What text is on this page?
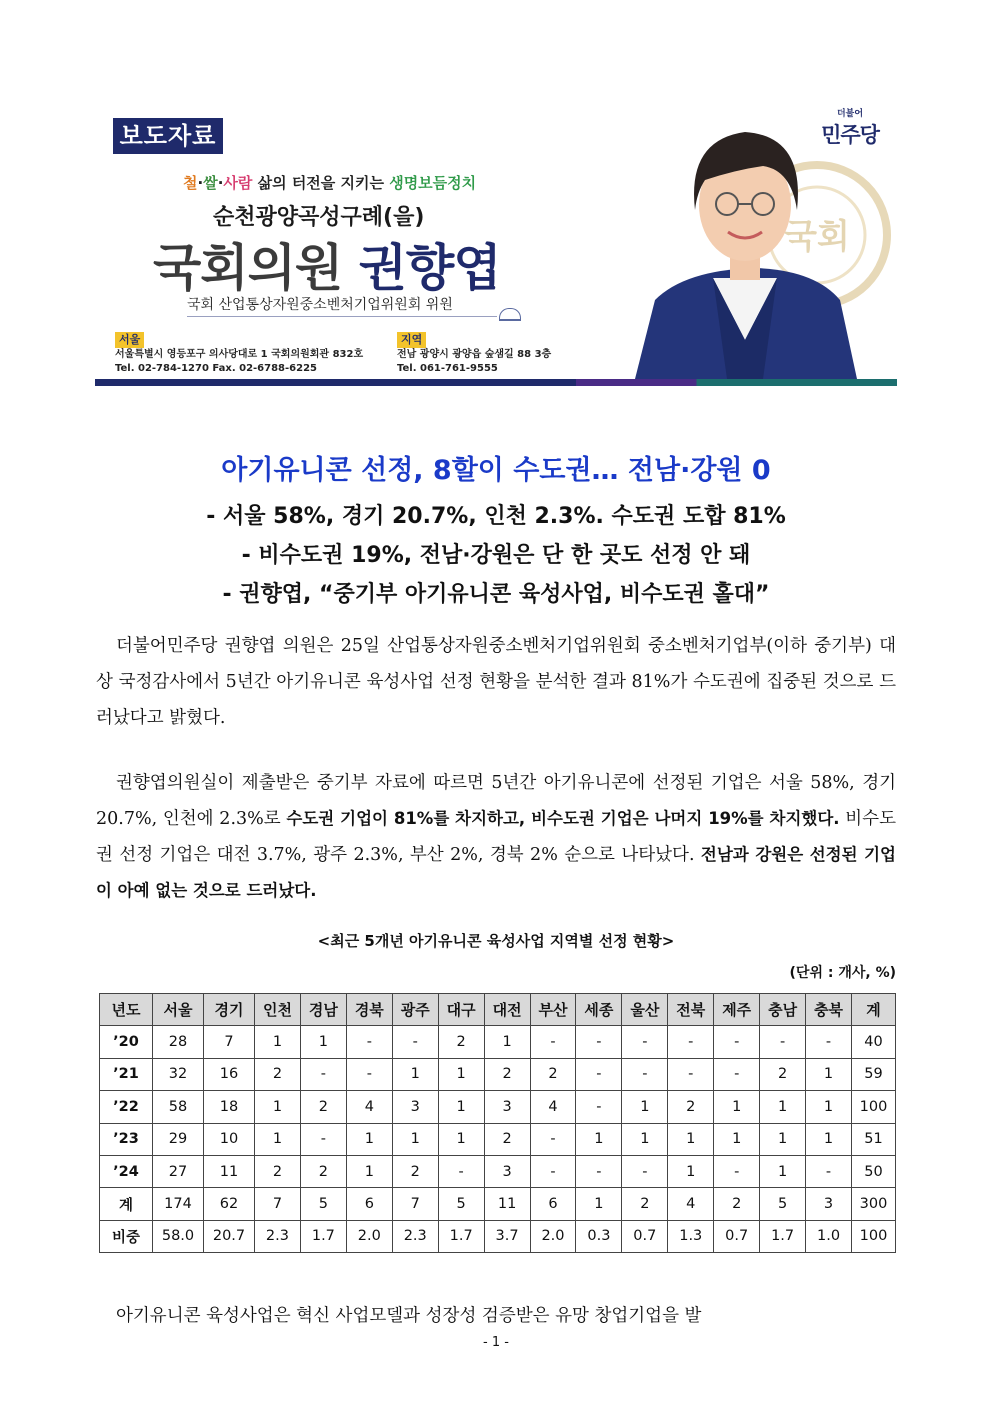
보도자료
철·쌀·사람 삶의 터전을 지키는 생명보듬정치
순천광양곡성구례(을)
국회의원 권향엽
국회 산업통상자원중소벤처기업위원회 위원
서울
서울특별시 영등포구 의사당대로 1 국회의원회관 832호
Tel. 02-784-1270 Fax. 02-6788-6225
지역
전남 광양시 광양읍 숲샘길 88 3층
Tel. 061-761-9555
국회
더불어
민주당
아기유니콘 선정, 8할이 수도권… 전남·강원 0
- 서울 58%, 경기 20.7%, 인천 2.3%. 수도권 도합 81%
- 비수도권 19%, 전남·강원은 단 한 곳도 선정 안 돼
- 권향엽, “중기부 아기유니콘 육성사업, 비수도권 홀대”
더불어민주당 권향엽 의원은 25일 산업통상자원중소벤처기업위원회 중소벤처기업부(이하 중기부) 대상 국정감사에서 5년간 아기유니콘 육성사업 선정 현황을 분석한 결과 81%가 수도권에 집중된 것으로 드러났다고 밝혔다.
권향엽의원실이 제출받은 중기부 자료에 따르면 5년간 아기유니콘에 선정된 기업은 서울 58%, 경기 20.7%, 인천에 2.3%로 수도권 기업이 81%를 차지하고, 비수도권 기업은 나머지 19%를 차지했다. 비수도권 선정 기업은 대전 3.7%, 광주 2.3%, 부산 2%, 경북 2% 순으로 나타났다. 전남과 강원은 선정된 기업이 아예 없는 것으로 드러났다.
<최근 5개년 아기유니콘 육성사업 지역별 선정 현황>
(단위 : 개사, %)
년도	서울	경기	인천	경남	경북	광주	대구	대전	부산	세종	울산	전북	제주	충남	충북	계
’20	28	7	1	1	-	-	2	1	-	-	-	-	-	-	-	40
’21	32	16	2	-	-	1	1	2	2	-	-	-	-	2	1	59
’22	58	18	1	2	4	3	1	3	4	-	1	2	1	1	1	100
’23	29	10	1	-	1	1	1	2	-	1	1	1	1	1	1	51
’24	27	11	2	2	1	2	-	3	-	-	-	1	-	1	-	50
계	174	62	7	5	6	7	5	11	6	1	2	4	2	5	3	300
비중	58.0	20.7	2.3	1.7	2.0	2.3	1.7	3.7	2.0	0.3	0.7	1.3	0.7	1.7	1.0	100
아기유니콘 육성사업은 혁신 사업모델과 성장성 검증받은 유망 창업기업을 발
- 1 -
